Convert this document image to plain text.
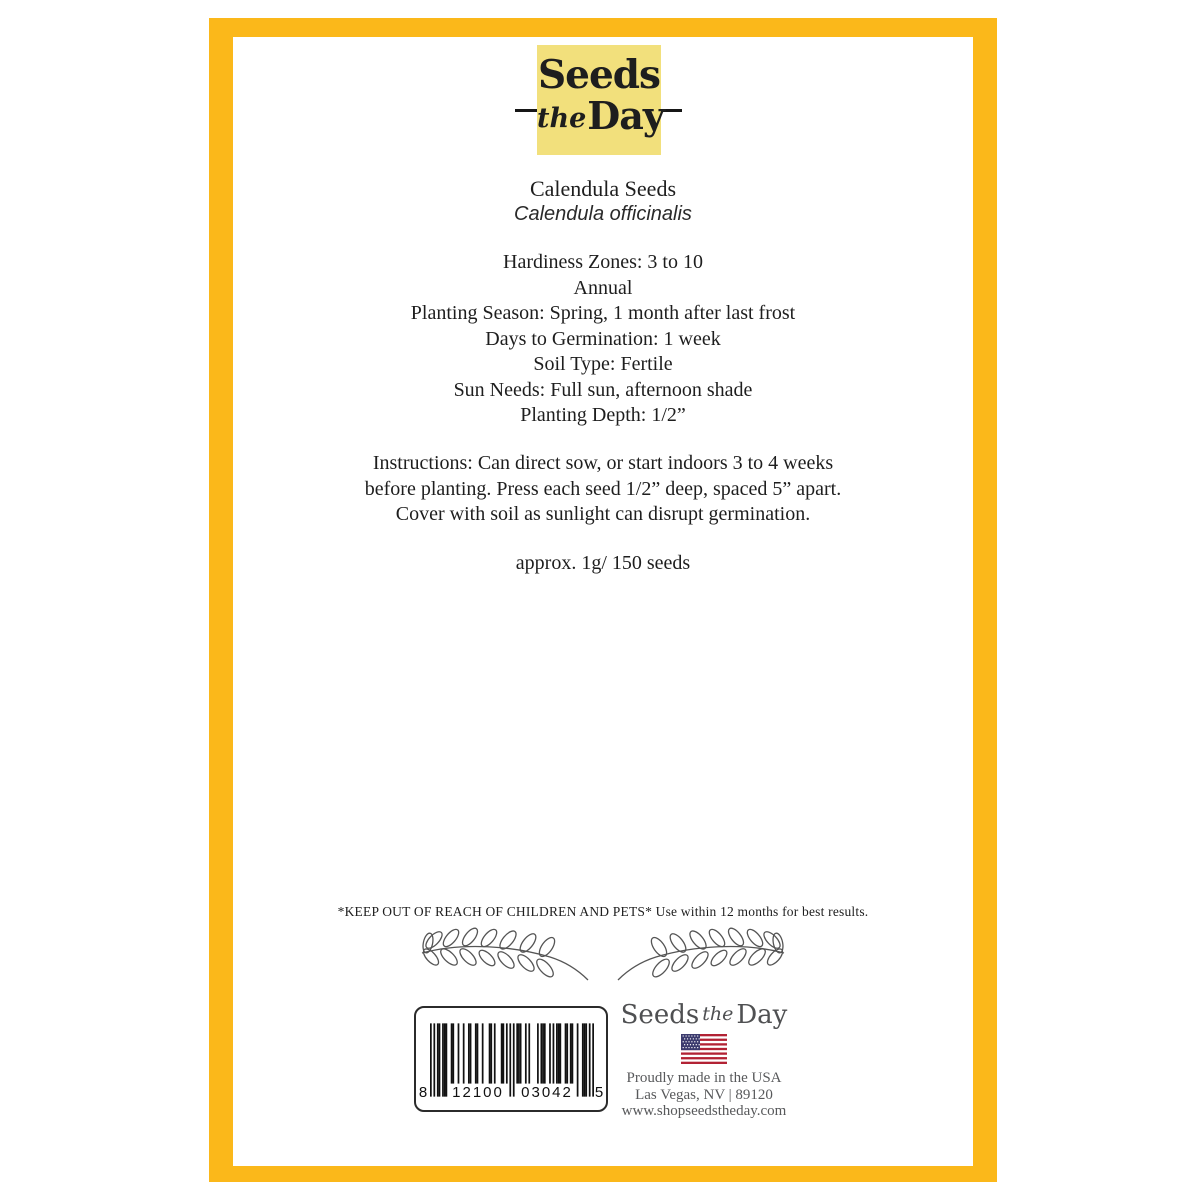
Seeds
theDay
Calendula Seeds
Calendula officinalis
Hardiness Zones: 3 to 10
Annual
Planting Season: Spring, 1 month after last frost
Days to Germination: 1 week
Soil Type: Fertile
Sun Needs: Full sun, afternoon shade
Planting Depth: 1/2”
Instructions: Can direct sow, or start indoors 3 to 4 weeks
before planting. Press each seed 1/2” deep, spaced 5” apart.
Cover with soil as sunlight can disrupt germination.
approx. 1g/ 150 seeds
*KEEP OUT OF REACH OF CHILDREN AND PETS* Use within 12 months for best results.
8	12100	03042	5
Seeds the Day
Proudly made in the USA
Las Vegas, NV | 89120
www.shopseedstheday.com
